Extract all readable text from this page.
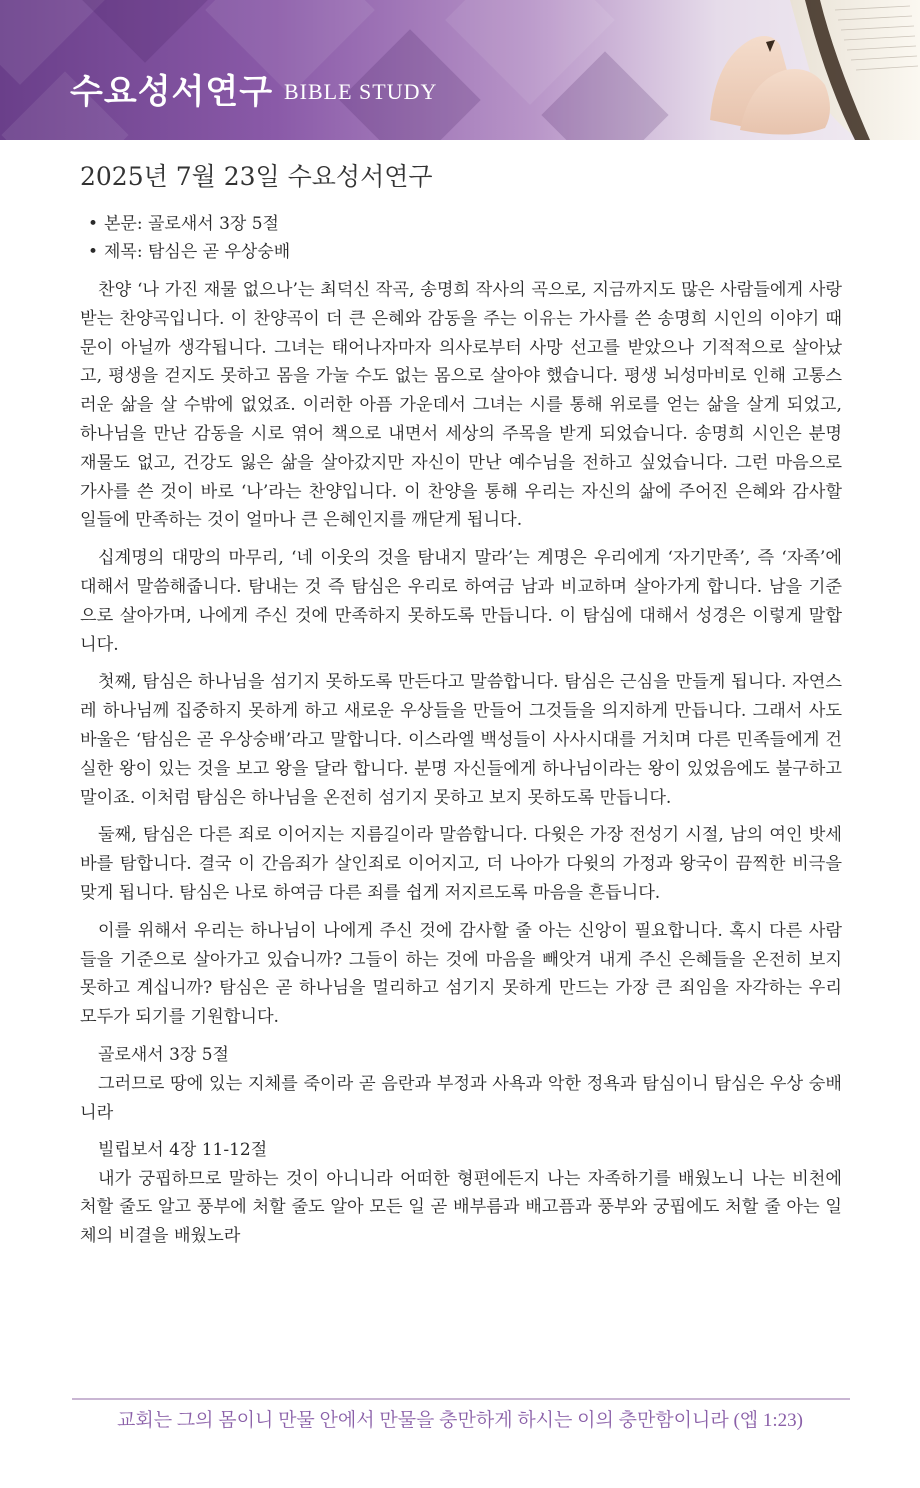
수요성서연구 BIBLE STUDY
2025년 7월 23일 수요성서연구
• 본문: 골로새서 3장 5절
• 제목: 탐심은 곧 우상숭배

찬양 ‘나 가진 재물 없으나’는 최덕신 작곡, 송명희 작사의 곡으로, 지금까지도 많은 사람들에게 사랑받는 찬양곡입니다. 이 찬양곡이 더 큰 은혜와 감동을 주는 이유는 가사를 쓴 송명희 시인의 이야기 때문이 아닐까 생각됩니다. 그녀는 태어나자마자 의사로부터 사망 선고를 받았으나 기적적으로 살아났고, 평생을 걷지도 못하고 몸을 가눌 수도 없는 몸으로 살아야 했습니다. 평생 뇌성마비로 인해 고통스러운 삶을 살 수밖에 없었죠. 이러한 아픔 가운데서 그녀는 시를 통해 위로를 얻는 삶을 살게 되었고, 하나님을 만난 감동을 시로 엮어 책으로 내면서 세상의 주목을 받게 되었습니다. 송명희 시인은 분명 재물도 없고, 건강도 잃은 삶을 살아갔지만 자신이 만난 예수님을 전하고 싶었습니다. 그런 마음으로 가사를 쓴 것이 바로 ‘나’라는 찬양입니다. 이 찬양을 통해 우리는 자신의 삶에 주어진 은혜와 감사할 일들에 만족하는 것이 얼마나 큰 은혜인지를 깨닫게 됩니다.

십계명의 대망의 마무리, ‘네 이웃의 것을 탐내지 말라’는 계명은 우리에게 ‘자기만족’, 즉 ‘자족’에 대해서 말씀해줍니다. 탐내는 것 즉 탐심은 우리로 하여금 남과 비교하며 살아가게 합니다. 남을 기준으로 살아가며, 나에게 주신 것에 만족하지 못하도록 만듭니다. 이 탐심에 대해서 성경은 이렇게 말합니다.

첫째, 탐심은 하나님을 섬기지 못하도록 만든다고 말씀합니다. 탐심은 근심을 만들게 됩니다. 자연스레 하나님께 집중하지 못하게 하고 새로운 우상들을 만들어 그것들을 의지하게 만듭니다. 그래서 사도 바울은 ‘탐심은 곧 우상숭배’라고 말합니다. 이스라엘 백성들이 사사시대를 거치며 다른 민족들에게 건실한 왕이 있는 것을 보고 왕을 달라 합니다. 분명 자신들에게 하나님이라는 왕이 있었음에도 불구하고 말이죠. 이처럼 탐심은 하나님을 온전히 섬기지 못하고 보지 못하도록 만듭니다.

둘째, 탐심은 다른 죄로 이어지는 지름길이라 말씀합니다. 다윗은 가장 전성기 시절, 남의 여인 밧세바를 탐합니다. 결국 이 간음죄가 살인죄로 이어지고, 더 나아가 다윗의 가정과 왕국이 끔찍한 비극을 맞게 됩니다. 탐심은 나로 하여금 다른 죄를 쉽게 저지르도록 마음을 흔듭니다.

이를 위해서 우리는 하나님이 나에게 주신 것에 감사할 줄 아는 신앙이 필요합니다. 혹시 다른 사람들을 기준으로 살아가고 있습니까? 그들이 하는 것에 마음을 빼앗겨 내게 주신 은혜들을 온전히 보지 못하고 계십니까? 탐심은 곧 하나님을 멀리하고 섬기지 못하게 만드는 가장 큰 죄임을 자각하는 우리 모두가 되기를 기원합니다.

골로새서 3장 5절

그러므로 땅에 있는 지체를 죽이라 곧 음란과 부정과 사욕과 악한 정욕과 탐심이니 탐심은 우상 숭배니라

빌립보서 4장 11-12절

내가 궁핍하므로 말하는 것이 아니니라 어떠한 형편에든지 나는 자족하기를 배웠노니 나는 비천에 처할 줄도 알고 풍부에 처할 줄도 알아 모든 일 곧 배부름과 배고픔과 풍부와 궁핍에도 처할 줄 아는 일체의 비결을 배웠노라

교회는 그의 몸이니 만물 안에서 만물을 충만하게 하시는 이의 충만함이니라 (엡 1:23)
